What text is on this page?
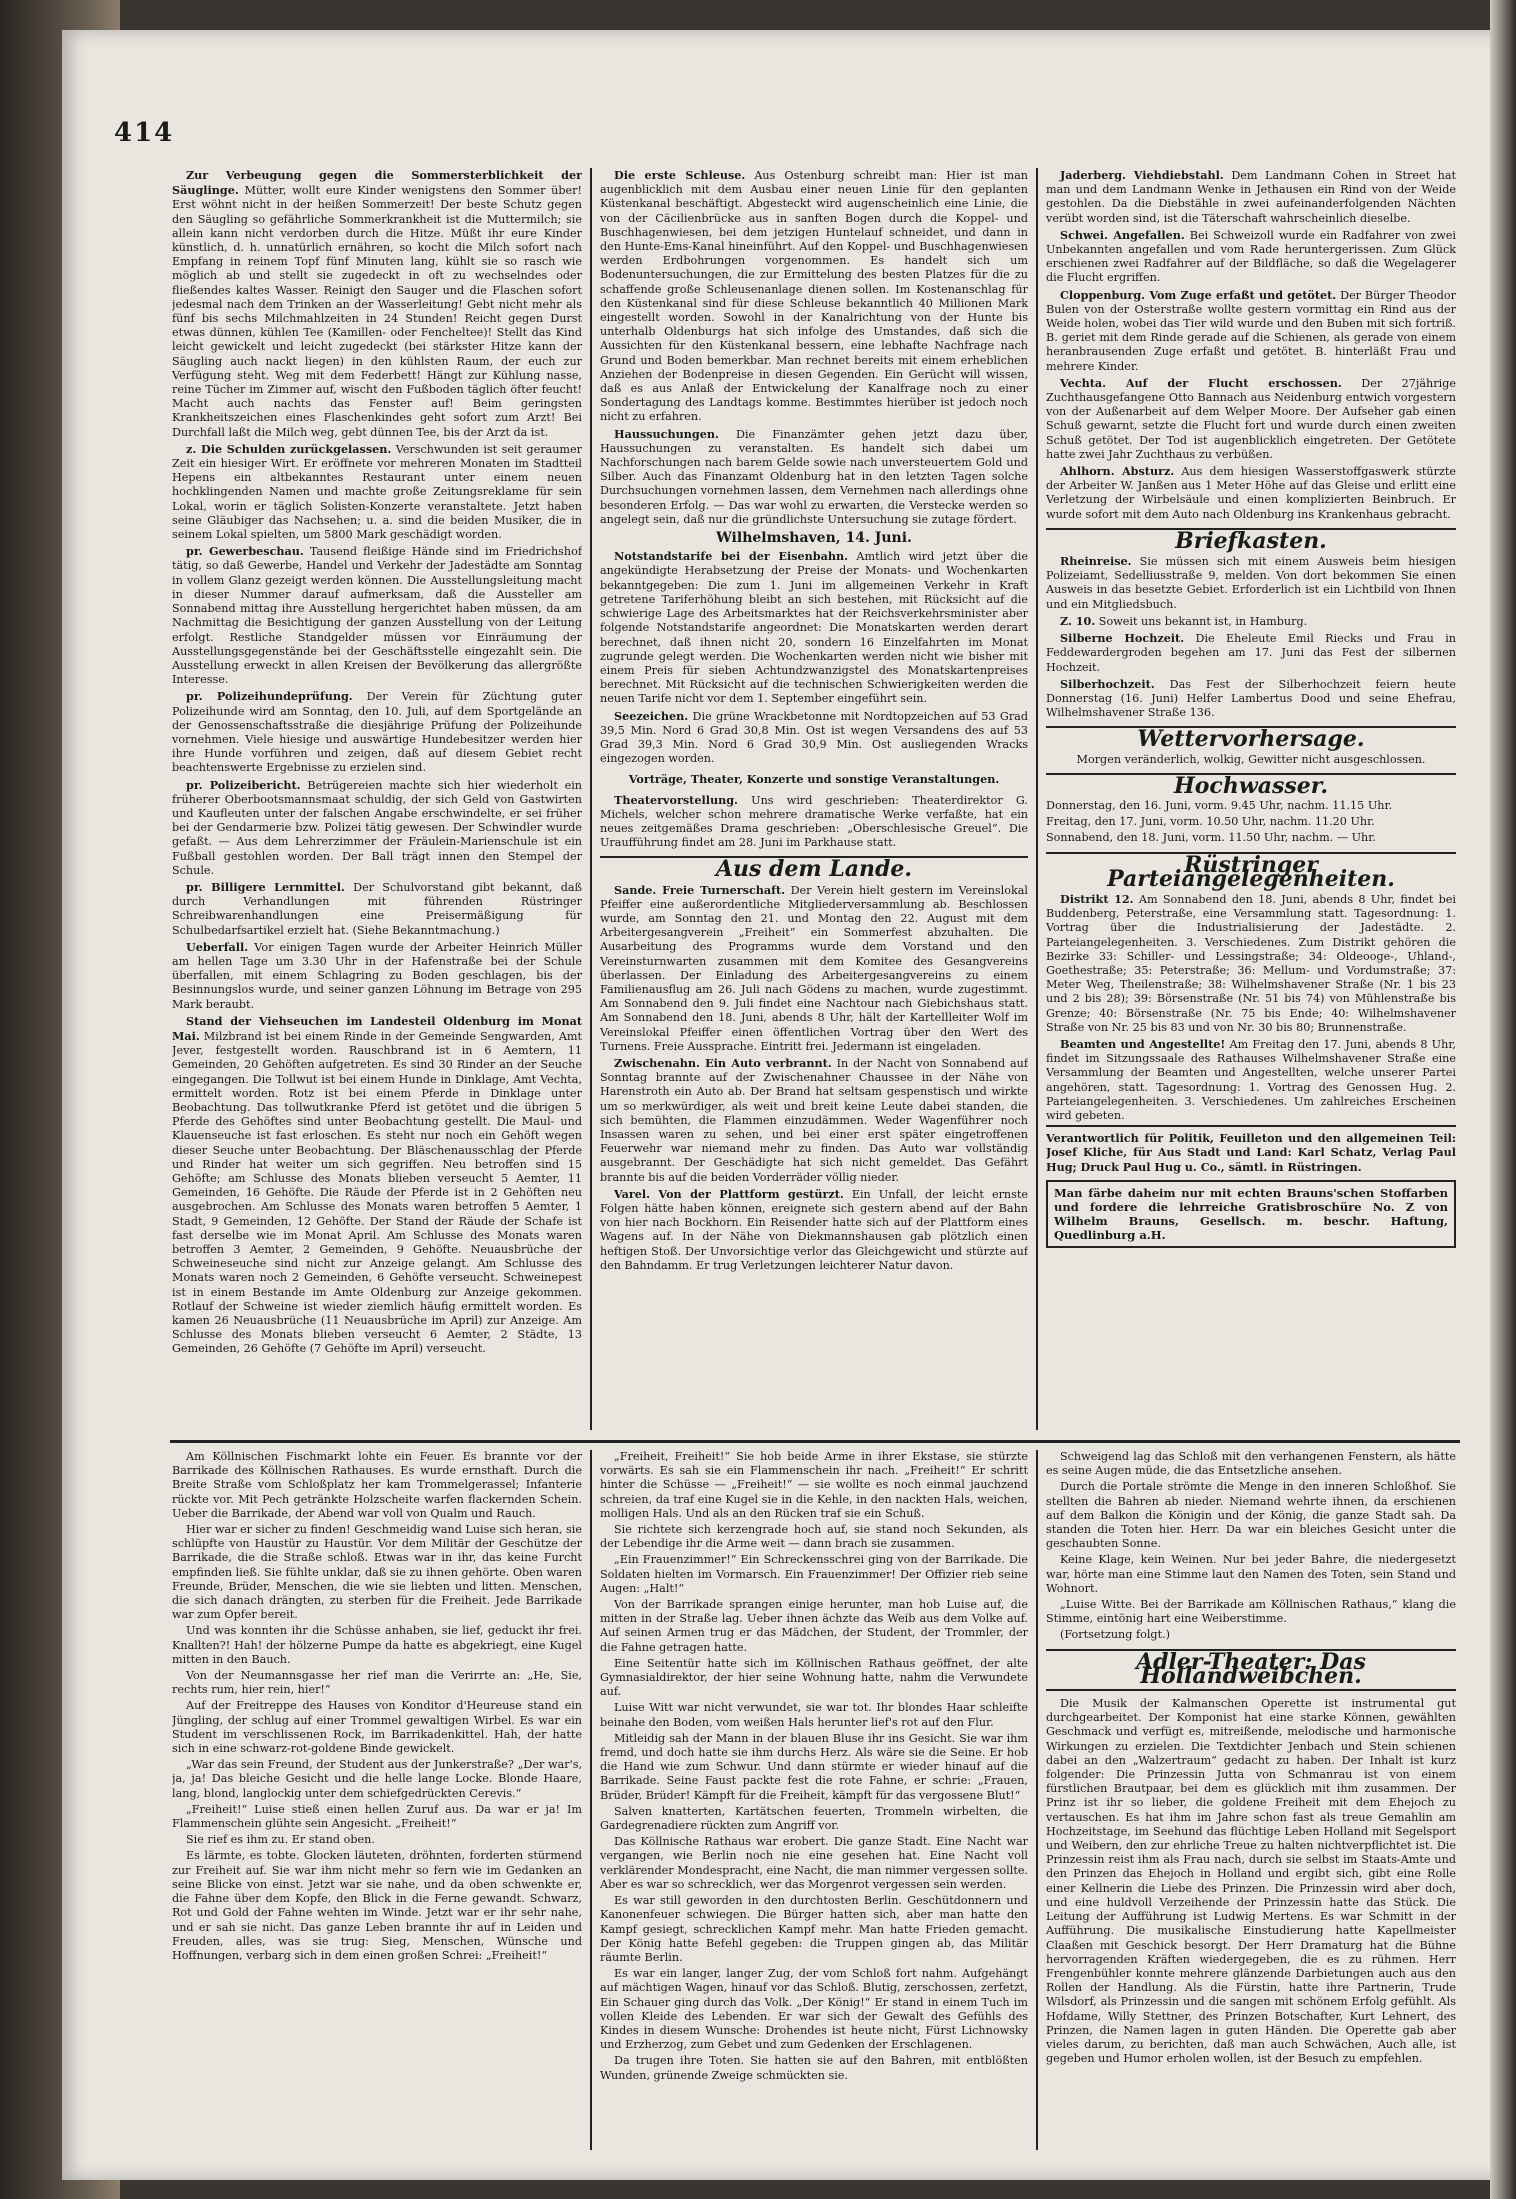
414

Zur Verbeugung gegen die Sommersterblichkeit der Säuglinge. Mütter, wollt eure Kinder wenigstens den Sommer über! Erst wöhnt nicht in der heißen Sommerzeit! Der beste Schutz gegen den Säugling so gefährliche Sommerkrankheit ist die Muttermilch; sie allein kann nicht verdorben durch die Hitze. Müßt ihr eure Kinder künstlich, d. h. unnatürlich ernähren, so kocht die Milch sofort nach Empfang in reinem Topf fünf Minuten lang, kühlt sie so rasch wie möglich ab und stellt sie zugedeckt in oft zu wechselndes oder fließendes kaltes Wasser. Reinigt den Sauger und die Flaschen sofort jedesmal nach dem Trinken an der Wasserleitung! Gebt nicht mehr als fünf bis sechs Milchmahlzeiten in 24 Stunden! Reicht gegen Durst etwas dünnen, kühlen Tee (Kamillen- oder Fencheltee)! Stellt das Kind leicht gewickelt und leicht zugedeckt (bei stärkster Hitze kann der Säugling auch nackt liegen) in den kühlsten Raum, der euch zur Verfügung steht. Weg mit dem Federbett! Hängt zur Kühlung nasse, reine Tücher im Zimmer auf, wischt den Fußboden täglich öfter feucht! Macht auch nachts das Fenster auf! Beim geringsten Krankheitszeichen eines Flaschenkindes geht sofort zum Arzt! Bei Durchfall laßt die Milch weg, gebt dünnen Tee, bis der Arzt da ist.

z. Die Schulden zurückgelassen. Verschwunden ist seit geraumer Zeit ein hiesiger Wirt. Er eröffnete vor mehreren Monaten im Stadtteil Hepens ein altbekanntes Restaurant unter einem neuen hochklingenden Namen und machte große Zeitungsreklame für sein Lokal, worin er täglich Solisten-Konzerte veranstaltete. Jetzt haben seine Gläubiger das Nachsehen; u. a. sind die beiden Musiker, die in seinem Lokal spielten, um 5800 Mark geschädigt worden.

pr. Gewerbeschau. Tausend fleißige Hände sind im Friedrichshof tätig, so daß Gewerbe, Handel und Verkehr der Jadestädte am Sonntag in vollem Glanz gezeigt werden können. Die Ausstellungsleitung macht in dieser Nummer darauf aufmerksam, daß die Aussteller am Sonnabend mittag ihre Ausstellung hergerichtet haben müssen, da am Nachmittag die Besichtigung der ganzen Ausstellung von der Leitung erfolgt. Restliche Standgelder müssen vor Einräumung der Ausstellungsgegenstände bei der Geschäftsstelle eingezahlt sein. Die Ausstellung erweckt in allen Kreisen der Bevölkerung das allergrößte Interesse.

pr. Polizeihundeprüfung. Der Verein für Züchtung guter Polizeihunde wird am Sonntag, den 10. Juli, auf dem Sportgelände an der Genossenschaftsstraße die diesjährige Prüfung der Polizeihunde vornehmen. Viele hiesige und auswärtige Hundebesitzer werden hier ihre Hunde vorführen und zeigen, daß auf diesem Gebiet recht beachtenswerte Ergebnisse zu erzielen sind.

pr. Polizeibericht. Betrügereien machte sich hier wiederholt ein früherer Oberbootsmannsmaat schuldig, der sich Geld von Gastwirten und Kaufleuten unter der falschen Angabe erschwindelte, er sei früher bei der Gendarmerie bzw. Polizei tätig gewesen. Der Schwindler wurde gefaßt. — Aus dem Lehrerzimmer der Fräulein-Marienschule ist ein Fußball gestohlen worden. Der Ball trägt innen den Stempel der Schule.

pr. Billigere Lernmittel. Der Schulvorstand gibt bekannt, daß durch Verhandlungen mit führenden Rüstringer Schreibwarenhandlungen eine Preisermäßigung für Schulbedarfsartikel erzielt hat. (Siehe Bekanntmachung.)

Ueberfall. Vor einigen Tagen wurde der Arbeiter Heinrich Müller am hellen Tage um 3.30 Uhr in der Hafenstraße bei der Schule überfallen, mit einem Schlagring zu Boden geschlagen, bis der Besinnungslos wurde, und seiner ganzen Löhnung im Betrage von 295 Mark beraubt.

Stand der Viehseuchen im Landesteil Oldenburg im Monat Mai. Milzbrand ist bei einem Rinde in der Gemeinde Sengwarden, Amt Jever, festgestellt worden. Rauschbrand ist in 6 Aemtern, 11 Gemeinden, 20 Gehöften aufgetreten. Es sind 30 Rinder an der Seuche eingegangen. Die Tollwut ist bei einem Hunde in Dinklage, Amt Vechta, ermittelt worden. Rotz ist bei einem Pferde in Dinklage unter Beobachtung. Das tollwutkranke Pferd ist getötet und die übrigen 5 Pferde des Gehöftes sind unter Beobachtung gestellt. Die Maul- und Klauenseuche ist fast erloschen. Es steht nur noch ein Gehöft wegen dieser Seuche unter Beobachtung. Der Bläschenausschlag der Pferde und Rinder hat weiter um sich gegriffen. Neu betroffen sind 15 Gehöfte; am Schlusse des Monats blieben verseucht 5 Aemter, 11 Gemeinden, 16 Gehöfte. Die Räude der Pferde ist in 2 Gehöften neu ausgebrochen. Am Schlusse des Monats waren betroffen 5 Aemter, 1 Stadt, 9 Gemeinden, 12 Gehöfte. Der Stand der Räude der Schafe ist fast derselbe wie im Monat April. Am Schlusse des Monats waren betroffen 3 Aemter, 2 Gemeinden, 9 Gehöfte. Neuausbrüche der Schweineseuche sind nicht zur Anzeige gelangt. Am Schlusse des Monats waren noch 2 Gemeinden, 6 Gehöfte verseucht. Schweinepest ist in einem Bestande im Amte Oldenburg zur Anzeige gekommen. Rotlauf der Schweine ist wieder ziemlich häufig ermittelt worden. Es kamen 26 Neuausbrüche (11 Neuausbrüche im April) zur Anzeige. Am Schlusse des Monats blieben verseucht 6 Aemter, 2 Städte, 13 Gemeinden, 26 Gehöfte (7 Gehöfte im April) verseucht.

Die erste Schleuse. Aus Ostenburg schreibt man: Hier ist man augenblicklich mit dem Ausbau einer neuen Linie für den geplanten Küstenkanal beschäftigt. Abgesteckt wird augenscheinlich eine Linie, die von der Cäcilienbrücke aus in sanften Bogen durch die Koppel- und Buschhagenwiesen, bei dem jetzigen Huntelauf schneidet, und dann in den Hunte-Ems-Kanal hineinführt. Auf den Koppel- und Buschhagenwiesen werden Erdbohrungen vorgenommen. Es handelt sich um Bodenuntersuchungen, die zur Ermittelung des besten Platzes für die zu schaffende große Schleusenanlage dienen sollen. Im Kostenanschlag für den Küstenkanal sind für diese Schleuse bekanntlich 40 Millionen Mark eingestellt worden. Sowohl in der Kanalrichtung von der Hunte bis unterhalb Oldenburgs hat sich infolge des Umstandes, daß sich die Aussichten für den Küstenkanal bessern, eine lebhafte Nachfrage nach Grund und Boden bemerkbar. Man rechnet bereits mit einem erheblichen Anziehen der Bodenpreise in diesen Gegenden. Ein Gerücht will wissen, daß es aus Anlaß der Entwickelung der Kanalfrage noch zu einer Sondertagung des Landtags komme. Bestimmtes hierüber ist jedoch noch nicht zu erfahren.

Haussuchungen. Die Finanzämter gehen jetzt dazu über, Haussuchungen zu veranstalten. Es handelt sich dabei um Nachforschungen nach barem Gelde sowie nach unversteuertem Gold und Silber. Auch das Finanzamt Oldenburg hat in den letzten Tagen solche Durchsuchungen vornehmen lassen, dem Vernehmen nach allerdings ohne besonderen Erfolg. — Das war wohl zu erwarten, die Verstecke werden so angelegt sein, daß nur die gründlichste Untersuchung sie zutage fördert.

Wilhelmshaven, 14. Juni.

Notstandstarife bei der Eisenbahn. Amtlich wird jetzt über die angekündigte Herabsetzung der Preise der Monats- und Wochenkarten bekanntgegeben: Die zum 1. Juni im allgemeinen Verkehr in Kraft getretene Tariferhöhung bleibt an sich bestehen, mit Rücksicht auf die schwierige Lage des Arbeitsmarktes hat der Reichsverkehrsminister aber folgende Notstandstarife angeordnet: Die Monatskarten werden derart berechnet, daß ihnen nicht 20, sondern 16 Einzelfahrten im Monat zugrunde gelegt werden. Die Wochenkarten werden nicht wie bisher mit einem Preis für sieben Achtundzwanzigstel des Monatskartenpreises berechnet. Mit Rücksicht auf die technischen Schwierigkeiten werden die neuen Tarife nicht vor dem 1. September eingeführt sein.

Seezeichen. Die grüne Wrackbetonne mit Nordtopzeichen auf 53 Grad 39,5 Min. Nord 6 Grad 30,8 Min. Ost ist wegen Versandens des auf 53 Grad 39,3 Min. Nord 6 Grad 30,9 Min. Ost ausliegenden Wracks eingezogen worden.

Vorträge, Theater, Konzerte und sonstige Veranstaltungen.

Theatervorstellung. Uns wird geschrieben: Theaterdirektor G. Michels, welcher schon mehrere dramatische Werke verfaßte, hat ein neues zeitgemäßes Drama geschrieben: „Oberschlesische Greuel“. Die Uraufführung findet am 28. Juni im Parkhause statt.

Aus dem Lande.

Sande. Freie Turnerschaft. Der Verein hielt gestern im Vereinslokal Pfeiffer eine außerordentliche Mitgliederversammlung ab. Beschlossen wurde, am Sonntag den 21. und Montag den 22. August mit dem Arbeitergesangverein „Freiheit“ ein Sommerfest abzuhalten. Die Ausarbeitung des Programms wurde dem Vorstand und den Vereinsturnwarten zusammen mit dem Komitee des Gesangvereins überlassen. Der Einladung des Arbeitergesangvereins zu einem Familienausflug am 26. Juli nach Gödens zu machen, wurde zugestimmt. Am Sonnabend den 9. Juli findet eine Nachtour nach Giebichshaus statt. Am Sonnabend den 18. Juni, abends 8 Uhr, hält der Kartellleiter Wolf im Vereinslokal Pfeiffer einen öffentlichen Vortrag über den Wert des Turnens. Freie Aussprache. Eintritt frei. Jedermann ist eingeladen.

Zwischenahn. Ein Auto verbrannt. In der Nacht von Sonnabend auf Sonntag brannte auf der Zwischenahner Chaussee in der Nähe von Harenstroth ein Auto ab. Der Brand hat seltsam gespenstisch und wirkte um so merkwürdiger, als weit und breit keine Leute dabei standen, die sich bemühten, die Flammen einzudämmen. Weder Wagenführer noch Insassen waren zu sehen, und bei einer erst später eingetroffenen Feuerwehr war niemand mehr zu finden. Das Auto war vollständig ausgebrannt. Der Geschädigte hat sich nicht gemeldet. Das Gefährt brannte bis auf die beiden Vorderräder völlig nieder.

Varel. Von der Plattform gestürzt. Ein Unfall, der leicht ernste Folgen hätte haben können, ereignete sich gestern abend auf der Bahn von hier nach Bockhorn. Ein Reisender hatte sich auf der Plattform eines Wagens auf. In der Nähe von Diekmannshausen gab plötzlich einen heftigen Stoß. Der Unvorsichtige verlor das Gleichgewicht und stürzte auf den Bahndamm. Er trug Verletzungen leichterer Natur davon.

Jaderberg. Viehdiebstahl. Dem Landmann Cohen in Street hat man und dem Landmann Wenke in Jethausen ein Rind von der Weide gestohlen. Da die Diebstähle in zwei aufeinanderfolgenden Nächten verübt worden sind, ist die Täterschaft wahrscheinlich dieselbe.

Schwei. Angefallen. Bei Schweizoll wurde ein Radfahrer von zwei Unbekannten angefallen und vom Rade heruntergerissen. Zum Glück erschienen zwei Radfahrer auf der Bildfläche, so daß die Wegelagerer die Flucht ergriffen.

Cloppenburg. Vom Zuge erfaßt und getötet. Der Bürger Theodor Bulen von der Osterstraße wollte gestern vormittag ein Rind aus der Weide holen, wobei das Tier wild wurde und den Buben mit sich fortriß. B. geriet mit dem Rinde gerade auf die Schienen, als gerade von einem heranbrausenden Zuge erfaßt und getötet. B. hinterläßt Frau und mehrere Kinder.

Vechta. Auf der Flucht erschossen. Der 27jährige Zuchthausgefangene Otto Bannach aus Neidenburg entwich vorgestern von der Außenarbeit auf dem Welper Moore. Der Aufseher gab einen Schuß gewarnt, setzte die Flucht fort und wurde durch einen zweiten Schuß getötet. Der Tod ist augenblicklich eingetreten. Der Getötete hatte zwei Jahr Zuchthaus zu verbüßen.

Ahlhorn. Absturz. Aus dem hiesigen Wasserstoffgaswerk stürzte der Arbeiter W. Janßen aus 1 Meter Höhe auf das Gleise und erlitt eine Verletzung der Wirbelsäule und einen komplizierten Beinbruch. Er wurde sofort mit dem Auto nach Oldenburg ins Krankenhaus gebracht.

Briefkasten.

Rheinreise. Sie müssen sich mit einem Ausweis beim hiesigen Polizeiamt, Sedelliusstraße 9, melden. Von dort bekommen Sie einen Ausweis in das besetzte Gebiet. Erforderlich ist ein Lichtbild von Ihnen und ein Mitgliedsbuch.

Z. 10. Soweit uns bekannt ist, in Hamburg.

Silberne Hochzeit. Die Eheleute Emil Riecks und Frau in Feddewardergroden begehen am 17. Juni das Fest der silbernen Hochzeit.

Silberhochzeit. Das Fest der Silberhochzeit feiern heute Donnerstag (16. Juni) Helfer Lambertus Dood und seine Ehefrau, Wilhelmshavener Straße 136.

Wettervorhersage.

Morgen veränderlich, wolkig, Gewitter nicht ausgeschlossen.

Hochwasser.

Donnerstag, den 16. Juni, vorm. 9.45 Uhr, nachm. 11.15 Uhr.

Freitag, den 17. Juni, vorm. 10.50 Uhr, nachm. 11.20 Uhr.

Sonnabend, den 18. Juni, vorm. 11.50 Uhr, nachm. — Uhr.

Rüstringer Parteiangelegenheiten.

Distrikt 12. Am Sonnabend den 18. Juni, abends 8 Uhr, findet bei Buddenberg, Peterstraße, eine Versammlung statt. Tagesordnung: 1. Vortrag über die Industrialisierung der Jadestädte. 2. Parteiangelegenheiten. 3. Verschiedenes. Zum Distrikt gehören die Bezirke 33: Schiller- und Lessingstraße; 34: Oldeooge-, Uhland-, Goethestraße; 35: Peterstraße; 36: Mellum- und Vordumstraße; 37: Meter Weg, Theilenstraße; 38: Wilhelmshavener Straße (Nr. 1 bis 23 und 2 bis 28); 39: Börsenstraße (Nr. 51 bis 74) von Mühlenstraße bis Grenze; 40: Börsenstraße (Nr. 75 bis Ende; 40: Wilhelmshavener Straße von Nr. 25 bis 83 und von Nr. 30 bis 80; Brunnenstraße.

Beamten und Angestellte! Am Freitag den 17. Juni, abends 8 Uhr, findet im Sitzungssaale des Rathauses Wilhelmshavener Straße eine Versammlung der Beamten und Angestellten, welche unserer Partei angehören, statt. Tagesordnung: 1. Vortrag des Genossen Hug. 2. Parteiangelegenheiten. 3. Verschiedenes. Um zahlreiches Erscheinen wird gebeten.

Verantwortlich für Politik, Feuilleton und den allgemeinen Teil: Josef Kliche, für Aus Stadt und Land: Karl Schatz, Verlag Paul Hug; Druck Paul Hug u. Co., sämtl. in Rüstringen.

Man färbe daheim nur mit echten Brauns'schen Stoffarben und fordere die lehrreiche Gratisbroschüre No. Z von Wilhelm Brauns, Gesellsch. m. beschr. Haftung, Quedlinburg a.H.

Am Köllnischen Fischmarkt lohte ein Feuer. Es brannte vor der Barrikade des Köllnischen Rathauses. Es wurde ernsthaft. Durch die Breite Straße vom Schloßplatz her kam Trommelgerassel; Infanterie rückte vor. Mit Pech getränkte Holzscheite warfen flackernden Schein. Ueber die Barrikade, der Abend war voll von Qualm und Rauch.

Hier war er sicher zu finden! Geschmeidig wand Luise sich heran, sie schlüpfte von Haustür zu Haustür. Vor dem Militär der Geschütze der Barrikade, die die Straße schloß. Etwas war in ihr, das keine Furcht empfinden ließ. Sie fühlte unklar, daß sie zu ihnen gehörte. Oben waren Freunde, Brüder, Menschen, die wie sie liebten und litten. Menschen, die sich danach drängten, zu sterben für die Freiheit. Jede Barrikade war zum Opfer bereit.

Und was konnten ihr die Schüsse anhaben, sie lief, geduckt ihr frei. Knallten?! Hah! der hölzerne Pumpe da hatte es abgekriegt, eine Kugel mitten in den Bauch.

Von der Neumannsgasse her rief man die Verirrte an: „He, Sie, rechts rum, hier rein, hier!“

Auf der Freitreppe des Hauses von Konditor d'Heureuse stand ein Jüngling, der schlug auf einer Trommel gewaltigen Wirbel. Es war ein Student im verschlissenen Rock, im Barrikadenkittel. Hah, der hatte sich in eine schwarz-rot-goldene Binde gewickelt.

„War das sein Freund, der Student aus der Junkerstraße? „Der war's, ja, ja! Das bleiche Gesicht und die helle lange Locke. Blonde Haare, lang, blond, langlockig unter dem schiefgedrückten Cerevis.“

„Freiheit!“ Luise stieß einen hellen Zuruf aus. Da war er ja! Im Flammenschein glühte sein Angesicht. „Freiheit!“

Sie rief es ihm zu. Er stand oben.

Es lärmte, es tobte. Glocken läuteten, dröhnten, forderten stürmend zur Freiheit auf. Sie war ihm nicht mehr so fern wie im Gedanken an seine Blicke von einst. Jetzt war sie nahe, und da oben schwenkte er, die Fahne über dem Kopfe, den Blick in die Ferne gewandt. Schwarz, Rot und Gold der Fahne wehten im Winde. Jetzt war er ihr sehr nahe, und er sah sie nicht. Das ganze Leben brannte ihr auf in Leiden und Freuden, alles, was sie trug: Sieg, Menschen, Wünsche und Hoffnungen, verbarg sich in dem einen großen Schrei: „Freiheit!“

„Freiheit, Freiheit!“ Sie hob beide Arme in ihrer Ekstase, sie stürzte vorwärts. Es sah sie ein Flammenschein ihr nach. „Freiheit!“ Er schritt hinter die Schüsse — „Freiheit!“ — sie wollte es noch einmal jauchzend schreien, da traf eine Kugel sie in die Kehle, in den nackten Hals, weichen, molligen Hals. Und als an den Rücken traf sie ein Schuß.

Sie richtete sich kerzengrade hoch auf, sie stand noch Sekunden, als der Lebendige ihr die Arme weit — dann brach sie zusammen.

„Ein Frauenzimmer!“ Ein Schreckensschrei ging von der Barrikade. Die Soldaten hielten im Vormarsch. Ein Frauenzimmer! Der Offizier rieb seine Augen: „Halt!“

Von der Barrikade sprangen einige herunter, man hob Luise auf, die mitten in der Straße lag. Ueber ihnen ächzte das Weib aus dem Volke auf. Auf seinen Armen trug er das Mädchen, der Student, der Trommler, der die Fahne getragen hatte.

Eine Seitentür hatte sich im Köllnischen Rathaus geöffnet, der alte Gymnasialdirektor, der hier seine Wohnung hatte, nahm die Verwundete auf.

Luise Witt war nicht verwundet, sie war tot. Ihr blondes Haar schleifte beinahe den Boden, vom weißen Hals herunter lief's rot auf den Flur.

Mitleidig sah der Mann in der blauen Bluse ihr ins Gesicht. Sie war ihm fremd, und doch hatte sie ihm durchs Herz. Als wäre sie die Seine. Er hob die Hand wie zum Schwur. Und dann stürmte er wieder hinauf auf die Barrikade. Seine Faust packte fest die rote Fahne, er schrie: „Frauen, Brüder, Brüder! Kämpft für die Freiheit, kämpft für das vergossene Blut!“

Salven knatterten, Kartätschen feuerten, Trommeln wirbelten, die Gardegrenadiere rückten zum Angriff vor.

Das Köllnische Rathaus war erobert. Die ganze Stadt. Eine Nacht war vergangen, wie Berlin noch nie eine gesehen hat. Eine Nacht voll verklärender Mondespracht, eine Nacht, die man nimmer vergessen sollte. Aber es war so schrecklich, wer das Morgenrot vergessen sein werden.

Es war still geworden in den durchtosten Berlin. Geschütdonnern und Kanonenfeuer schwiegen. Die Bürger hatten sich, aber man hatte den Kampf gesiegt, schrecklichen Kampf mehr. Man hatte Frieden gemacht. Der König hatte Befehl gegeben: die Truppen gingen ab, das Militär räumte Berlin.

Es war ein langer, langer Zug, der vom Schloß fort nahm. Aufgehängt auf mächtigen Wagen, hinauf vor das Schloß. Blutig, zerschossen, zerfetzt, Ein Schauer ging durch das Volk. „Der König!“ Er stand in einem Tuch im vollen Kleide des Lebenden. Er war sich der Gewalt des Gefühls des Kindes in diesem Wunsche: Drohendes ist heute nicht, Fürst Lichnowsky und Erzherzog, zum Gebet und zum Gedenken der Erschlagenen.

Da trugen ihre Toten. Sie hatten sie auf den Bahren, mit entblößten Wunden, grünende Zweige schmückten sie.

Schweigend lag das Schloß mit den verhangenen Fenstern, als hätte es seine Augen müde, die das Entsetzliche ansehen.

Durch die Portale strömte die Menge in den inneren Schloßhof. Sie stellten die Bahren ab nieder. Niemand wehrte ihnen, da erschienen auf dem Balkon die Königin und der König, die ganze Stadt sah. Da standen die Toten hier. Herr. Da war ein bleiches Gesicht unter die geschaubten Sonne.

Keine Klage, kein Weinen. Nur bei jeder Bahre, die niedergesetzt war, hörte man eine Stimme laut den Namen des Toten, sein Stand und Wohnort.

„Luise Witte. Bei der Barrikade am Köllnischen Rathaus,“ klang die Stimme, eintönig hart eine Weiberstimme.

(Fortsetzung folgt.)

Adler-Theater: Das Hollandweibchen.

Die Musik der Kalmanschen Operette ist instrumental gut durchgearbeitet. Der Komponist hat eine starke Können, gewählten Geschmack und verfügt es, mitreißende, melodische und harmonische Wirkungen zu erzielen. Die Textdichter Jenbach und Stein schienen dabei an den „Walzertraum“ gedacht zu haben. Der Inhalt ist kurz folgender: Die Prinzessin Jutta von Schmanrau ist von einem fürstlichen Brautpaar, bei dem es glücklich mit ihm zusammen. Der Prinz ist ihr so lieber, die goldene Freiheit mit dem Ehejoch zu vertauschen. Es hat ihm im Jahre schon fast als treue Gemahlin am Hochzeitstage, im Seehund das flüchtige Leben Holland mit Segelsport und Weibern, den zur ehrliche Treue zu halten nichtverpflichtet ist. Die Prinzessin reist ihm als Frau nach, durch sie selbst im Staats-Amte und den Prinzen das Ehejoch in Holland und ergibt sich, gibt eine Rolle einer Kellnerin die Liebe des Prinzen. Die Prinzessin wird aber doch, und eine huldvoll Verzeihende der Prinzessin hatte das Stück. Die Leitung der Aufführung ist Ludwig Mertens. Es war Schmitt in der Aufführung. Die musikalische Einstudierung hatte Kapellmeister Claaßen mit Geschick besorgt. Der Herr Dramaturg hat die Bühne hervorragenden Kräften wiedergegeben, die es zu rühmen. Herr Frengenbühler konnte mehrere glänzende Darbietungen auch aus den Rollen der Handlung. Als die Fürstin, hatte ihre Partnerin, Trude Wilsdorf, als Prinzessin und die sangen mit schönem Erfolg gefühlt. Als Hofdame, Willy Stettner, des Prinzen Botschafter, Kurt Lehnert, des Prinzen, die Namen lagen in guten Händen. Die Operette gab aber vieles darum, zu berichten, daß man auch Schwächen, Auch alle, ist gegeben und Humor erholen wollen, ist der Besuch zu empfehlen.
